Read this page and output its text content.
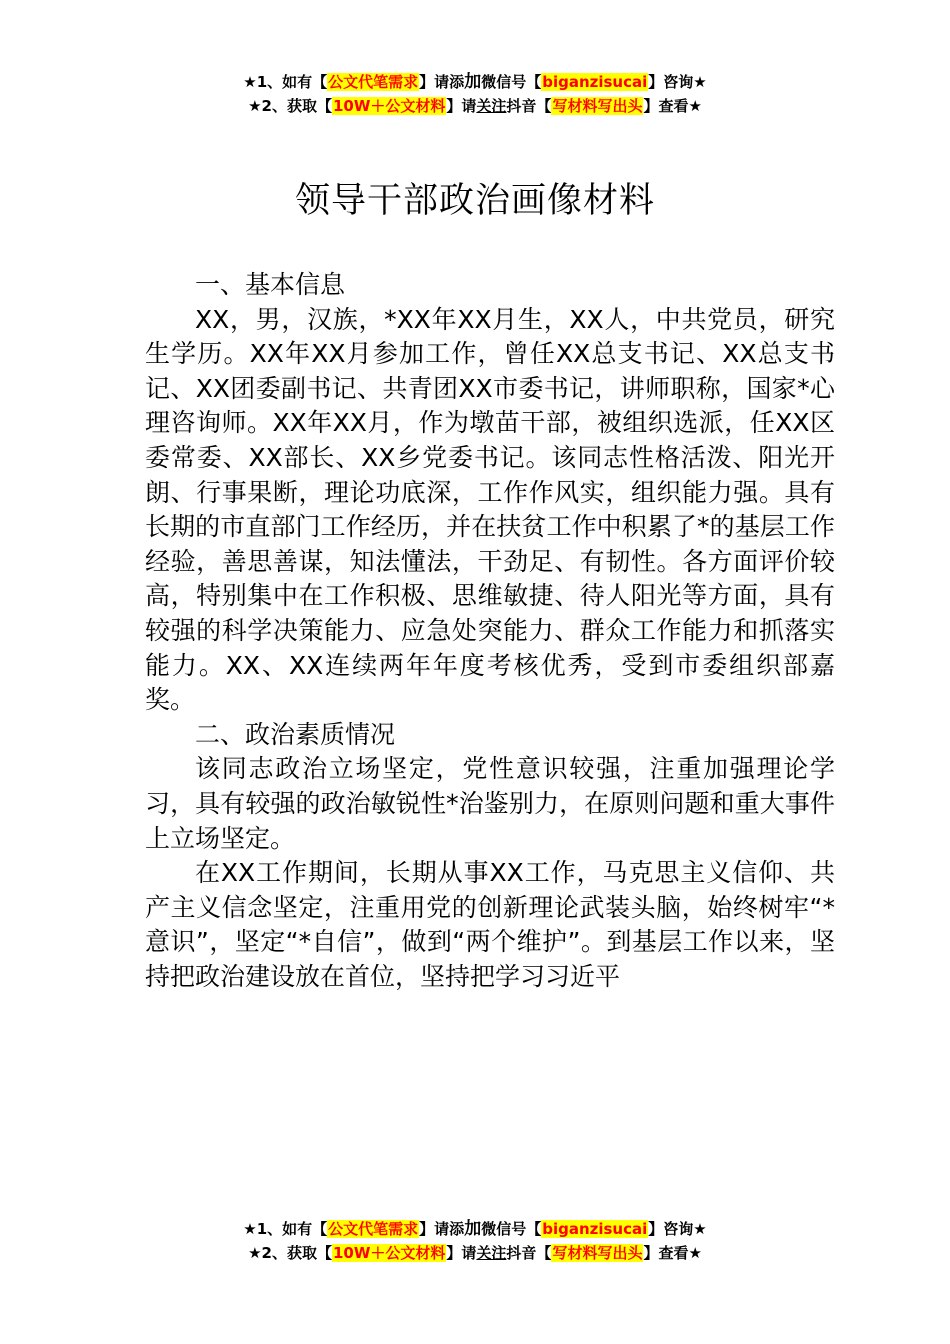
★1、如有【公文代笔需求】请添加微信号【biganzisucai】咨询★
★2、获取【10W＋公文材料】请关注抖音【写材料写出头】查看★
领导干部政治画像材料

一、基本信息

XX，男，汉族，*XX年XX月生，XX人，中共党员，研究生学历。XX年XX月参加工作，曾任XX总支书记、XX总支书记、XX团委副书记、共青团XX市委书记，讲师职称，国家*心理咨询师。XX年XX月，作为墩苗干部，被组织选派，任XX区委常委、XX部长、XX乡党委书记。该同志性格活泼、阳光开朗、行事果断，理论功底深，工作作风实，组织能力强。具有长期的市直部门工作经历，并在扶贫工作中积累了*的基层工作经验，善思善谋，知法懂法，干劲足、有韧性。各方面评价较高，特别集中在工作积极、思维敏捷、待人阳光等方面，具有较强的科学决策能力、应急处突能力、群众工作能力和抓落实能力。XX、XX连续两年年度考核优秀，受到市委组织部嘉奖。

二、政治素质情况

该同志政治立场坚定，党性意识较强，注重加强理论学习，具有较强的政治敏锐性*治鉴别力，在原则问题和重大事件上立场坚定。

在XX工作期间，长期从事XX工作，马克思主义信仰、共产主义信念坚定，注重用党的创新理论武装头脑，始终树牢“*意识”，坚定“*自信”，做到“两个维护”。到基层工作以来，坚持把政治建设放在首位，坚持把学习习近平

★1、如有【公文代笔需求】请添加微信号【biganzisucai】咨询★
★2、获取【10W＋公文材料】请关注抖音【写材料写出头】查看★
